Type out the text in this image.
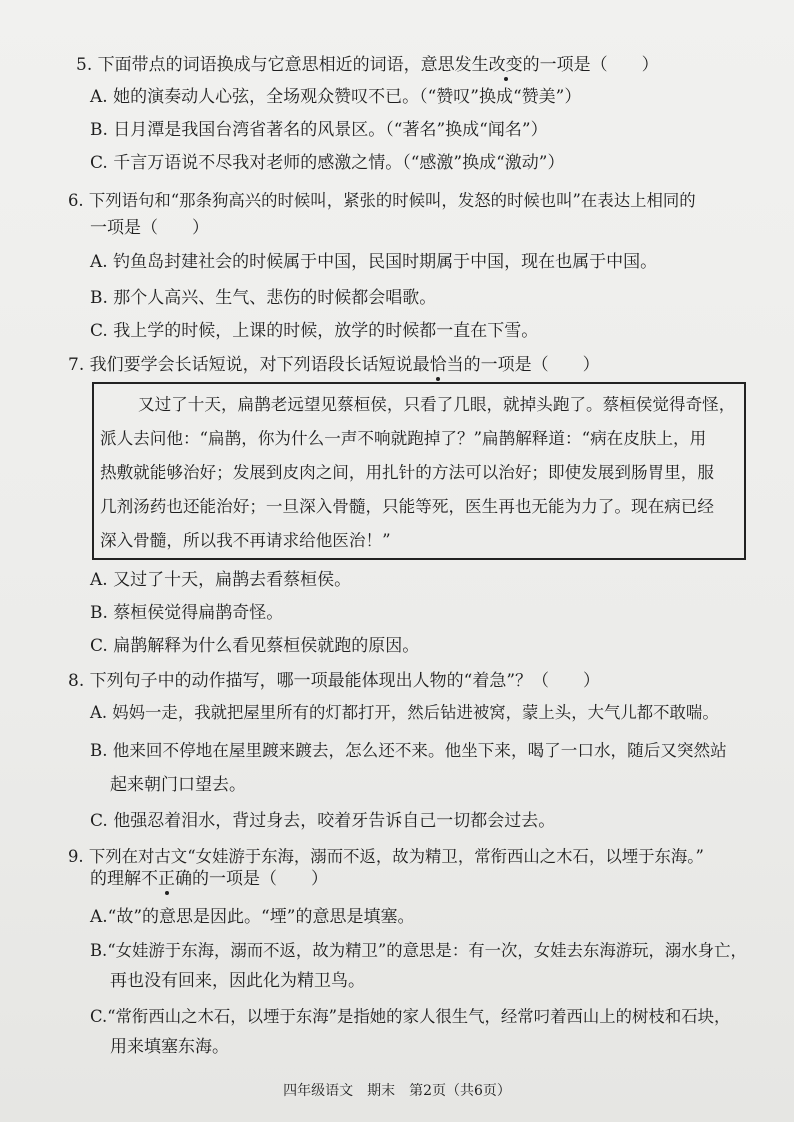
5. 下面带点的词语换成与它意思相近的词语，意思发生改变的一项是（　　）
A. 她的演奏动人心弦，全场观众赞叹不已。（“赞叹”换成“赞美”）
B. 日月潭是我国台湾省著名的风景区。（“著名”换成“闻名”）
C. 千言万语说不尽我对老师的感激之情。（“感激”换成“激动”）
6. 下列语句和“那条狗高兴的时候叫，紧张的时候叫，发怒的时候也叫”在表达上相同的
一项是（　　）
A. 钓鱼岛封建社会的时候属于中国，民国时期属于中国，现在也属于中国。
B. 那个人高兴、生气、悲伤的时候都会唱歌。
C. 我上学的时候，上课的时候，放学的时候都一直在下雪。
7. 我们要学会长话短说，对下列语段长话短说最恰当的一项是（　　）
又过了十天，扁鹊老远望见蔡桓侯，只看了几眼，就掉头跑了。蔡桓侯觉得奇怪，
派人去问他：“扁鹊，你为什么一声不响就跑掉了？”扁鹊解释道：“病在皮肤上，用
热敷就能够治好；发展到皮肉之间，用扎针的方法可以治好；即使发展到肠胃里，服
几剂汤药也还能治好；一旦深入骨髓，只能等死，医生再也无能为力了。现在病已经
深入骨髓，所以我不再请求给他医治！”
A. 又过了十天，扁鹊去看蔡桓侯。
B. 蔡桓侯觉得扁鹊奇怪。
C. 扁鹊解释为什么看见蔡桓侯就跑的原因。
8. 下列句子中的动作描写，哪一项最能体现出人物的“着急”？（　　）
A. 妈妈一走，我就把屋里所有的灯都打开，然后钻进被窝，蒙上头，大气儿都不敢喘。
B. 他来回不停地在屋里踱来踱去，怎么还不来。他坐下来，喝了一口水，随后又突然站
起来朝门口望去。
C. 他强忍着泪水，背过身去，咬着牙告诉自己一切都会过去。
9. 下列在对古文“女娃游于东海，溺而不返，故为精卫，常衔西山之木石，以堙于东海。”
的理解不正确的一项是（　　）
A.“故”的意思是因此。“堙”的意思是填塞。
B.“女娃游于东海，溺而不返，故为精卫”的意思是：有一次，女娃去东海游玩，溺水身亡，
再也没有回来，因此化为精卫鸟。
C.“常衔西山之木石，以堙于东海”是指她的家人很生气，经常叼着西山上的树枝和石块，
用来填塞东海。
四年级语文　期末　第2页（共6页）
